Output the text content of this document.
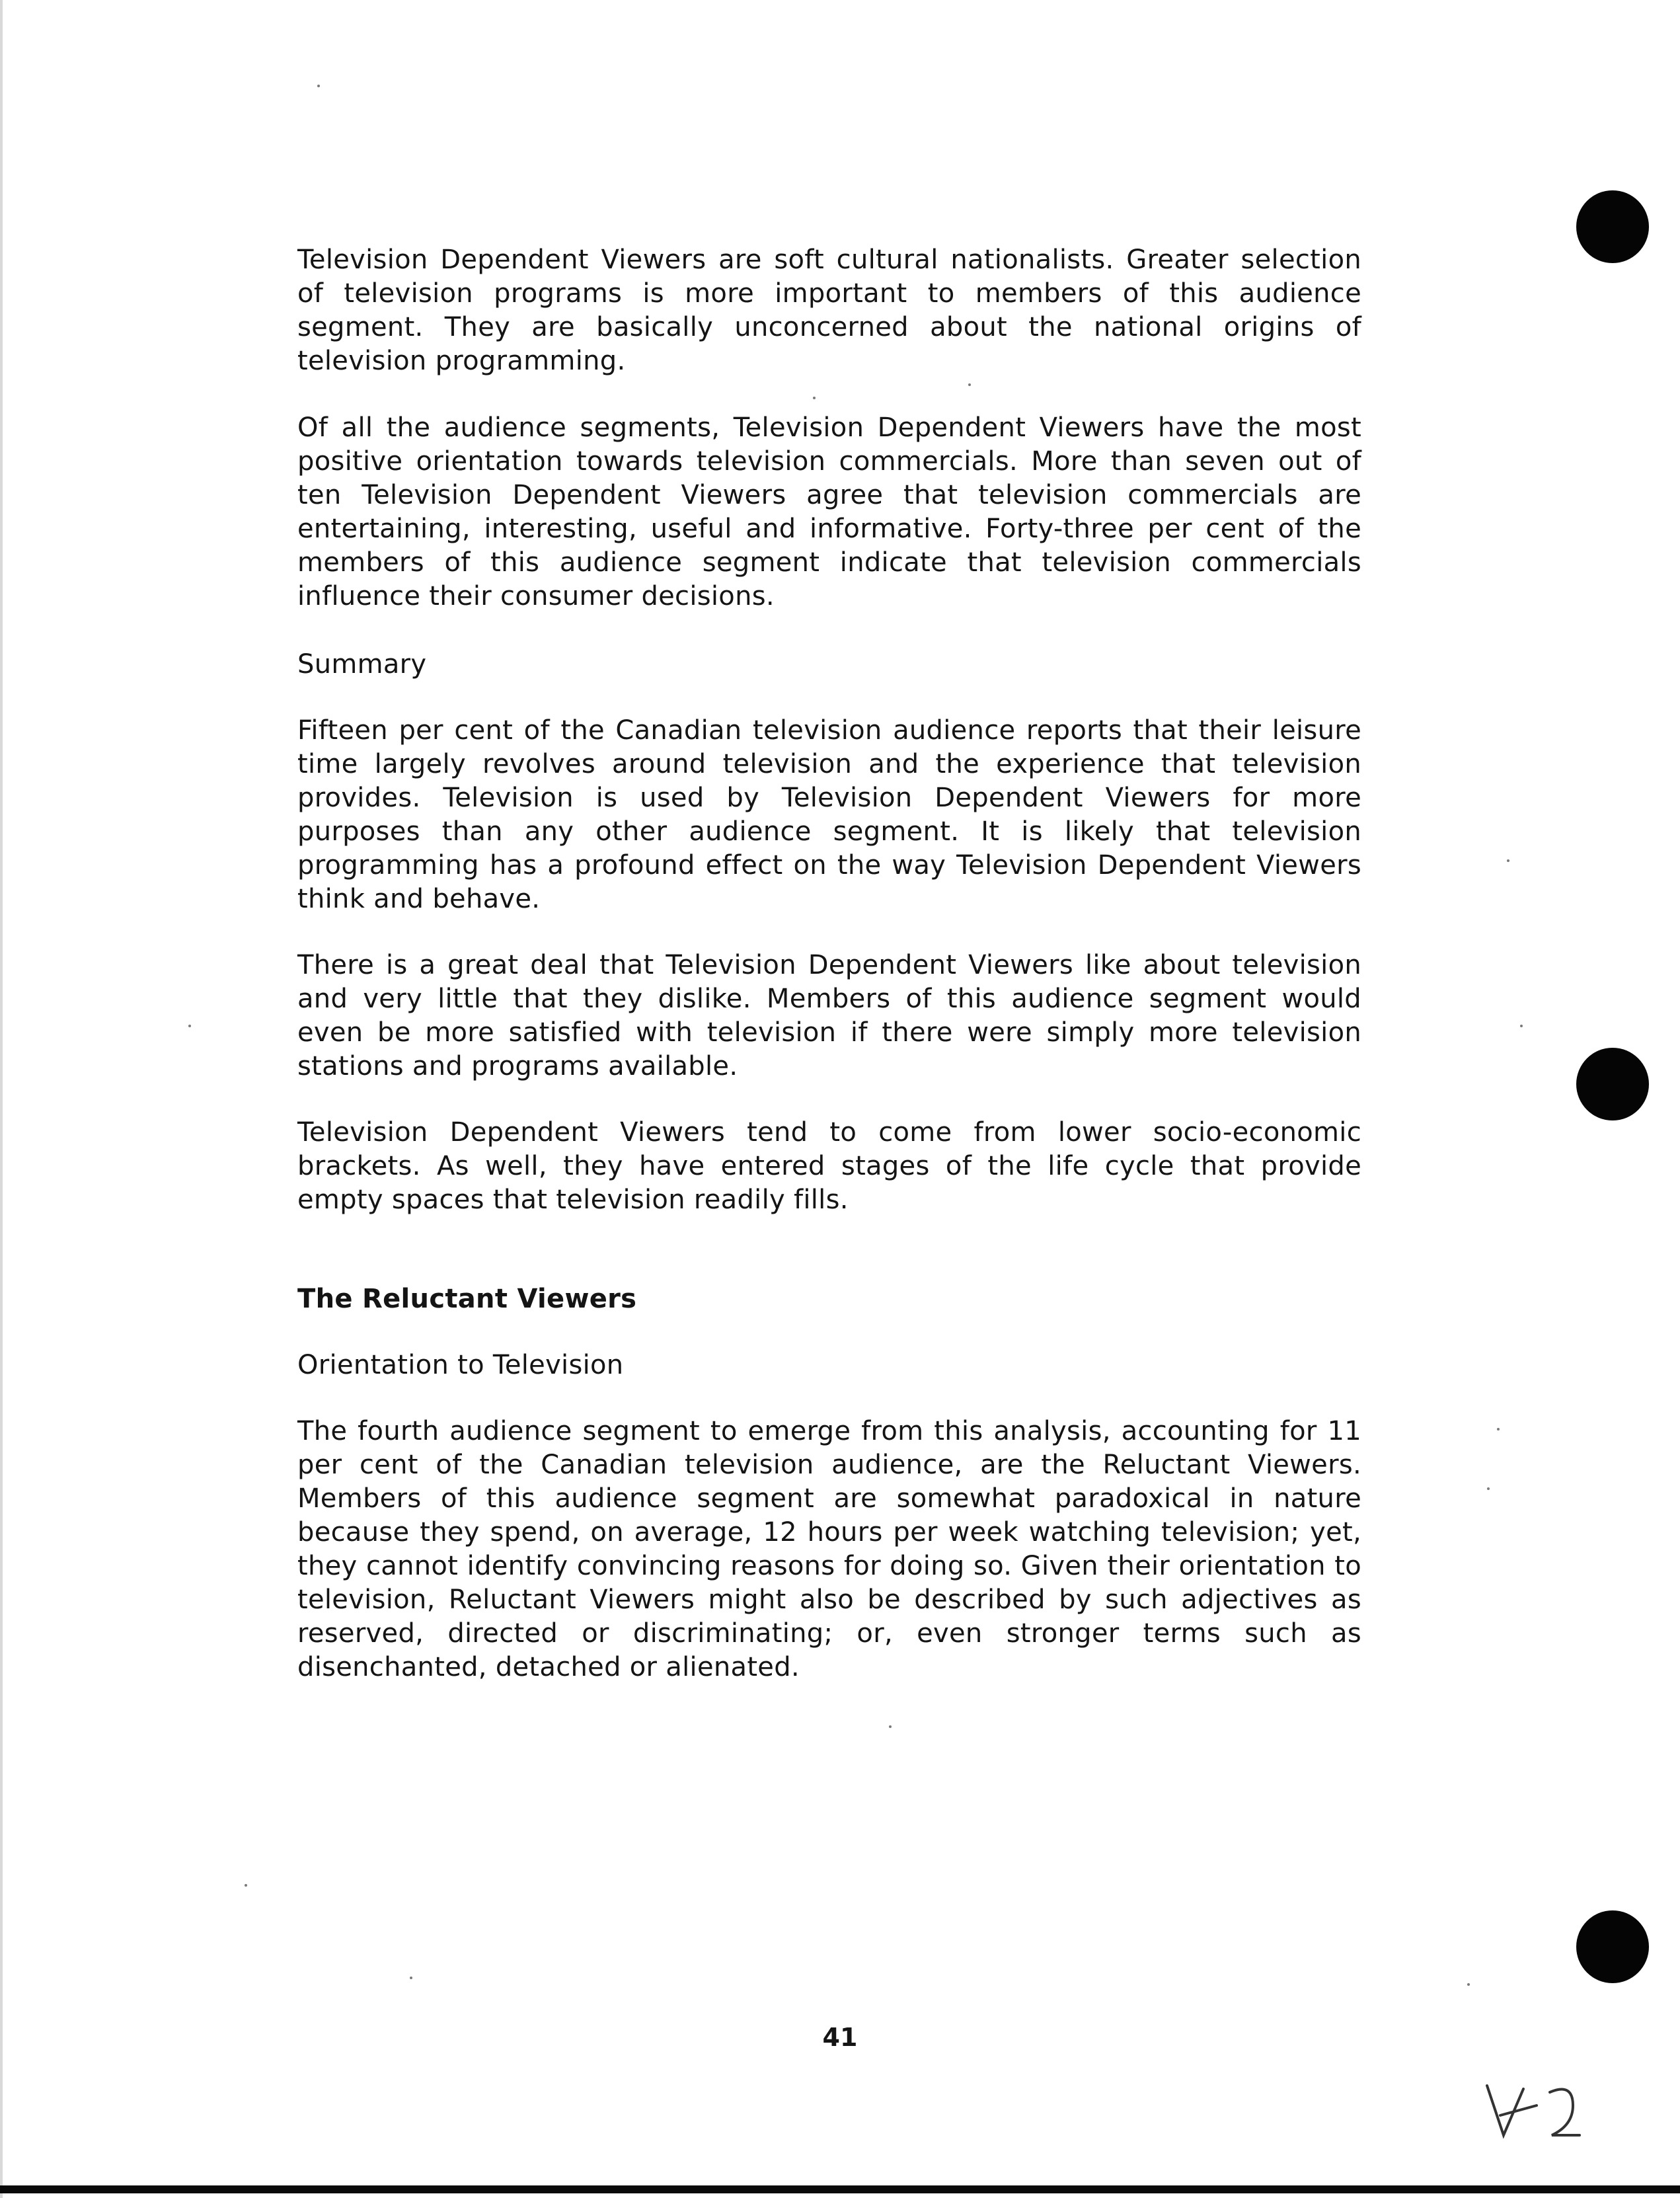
Television Dependent Viewers are soft cultural nationalists. Greater selection of television programs is more important to members of this audience segment. They are basically unconcerned about the national origins of television programming.

Of all the audience segments, Television Dependent Viewers have the most positive orientation towards television commercials. More than seven out of ten Television Dependent Viewers agree that television commercials are entertaining, interesting, useful and informative. Forty-three per cent of the members of this audience segment indicate that television commercials influence their consumer decisions.

Summary

Fifteen per cent of the Canadian television audience reports that their leisure time largely revolves around television and the experience that television provides. Television is used by Television Dependent Viewers for more purposes than any other audience segment. It is likely that television programming has a profound effect on the way Television Dependent Viewers think and behave.

There is a great deal that Television Dependent Viewers like about television and very little that they dislike. Members of this audience segment would even be more satisfied with television if there were simply more television stations and programs available.

Television Dependent Viewers tend to come from lower socio-economic brackets. As well, they have entered stages of the life cycle that provide empty spaces that television readily fills.

The Reluctant Viewers

Orientation to Television

The fourth audience segment to emerge from this analysis, accounting for 11 per cent of the Canadian television audience, are the Reluctant Viewers. Members of this audience segment are somewhat paradoxical in nature because they spend, on average, 12 hours per week watching television; yet, they cannot identify convincing reasons for doing so. Given their orientation to television, Reluctant Viewers might also be described by such adjectives as reserved, directed or discriminating; or, even stronger terms such as disenchanted, detached or alienated.

41
